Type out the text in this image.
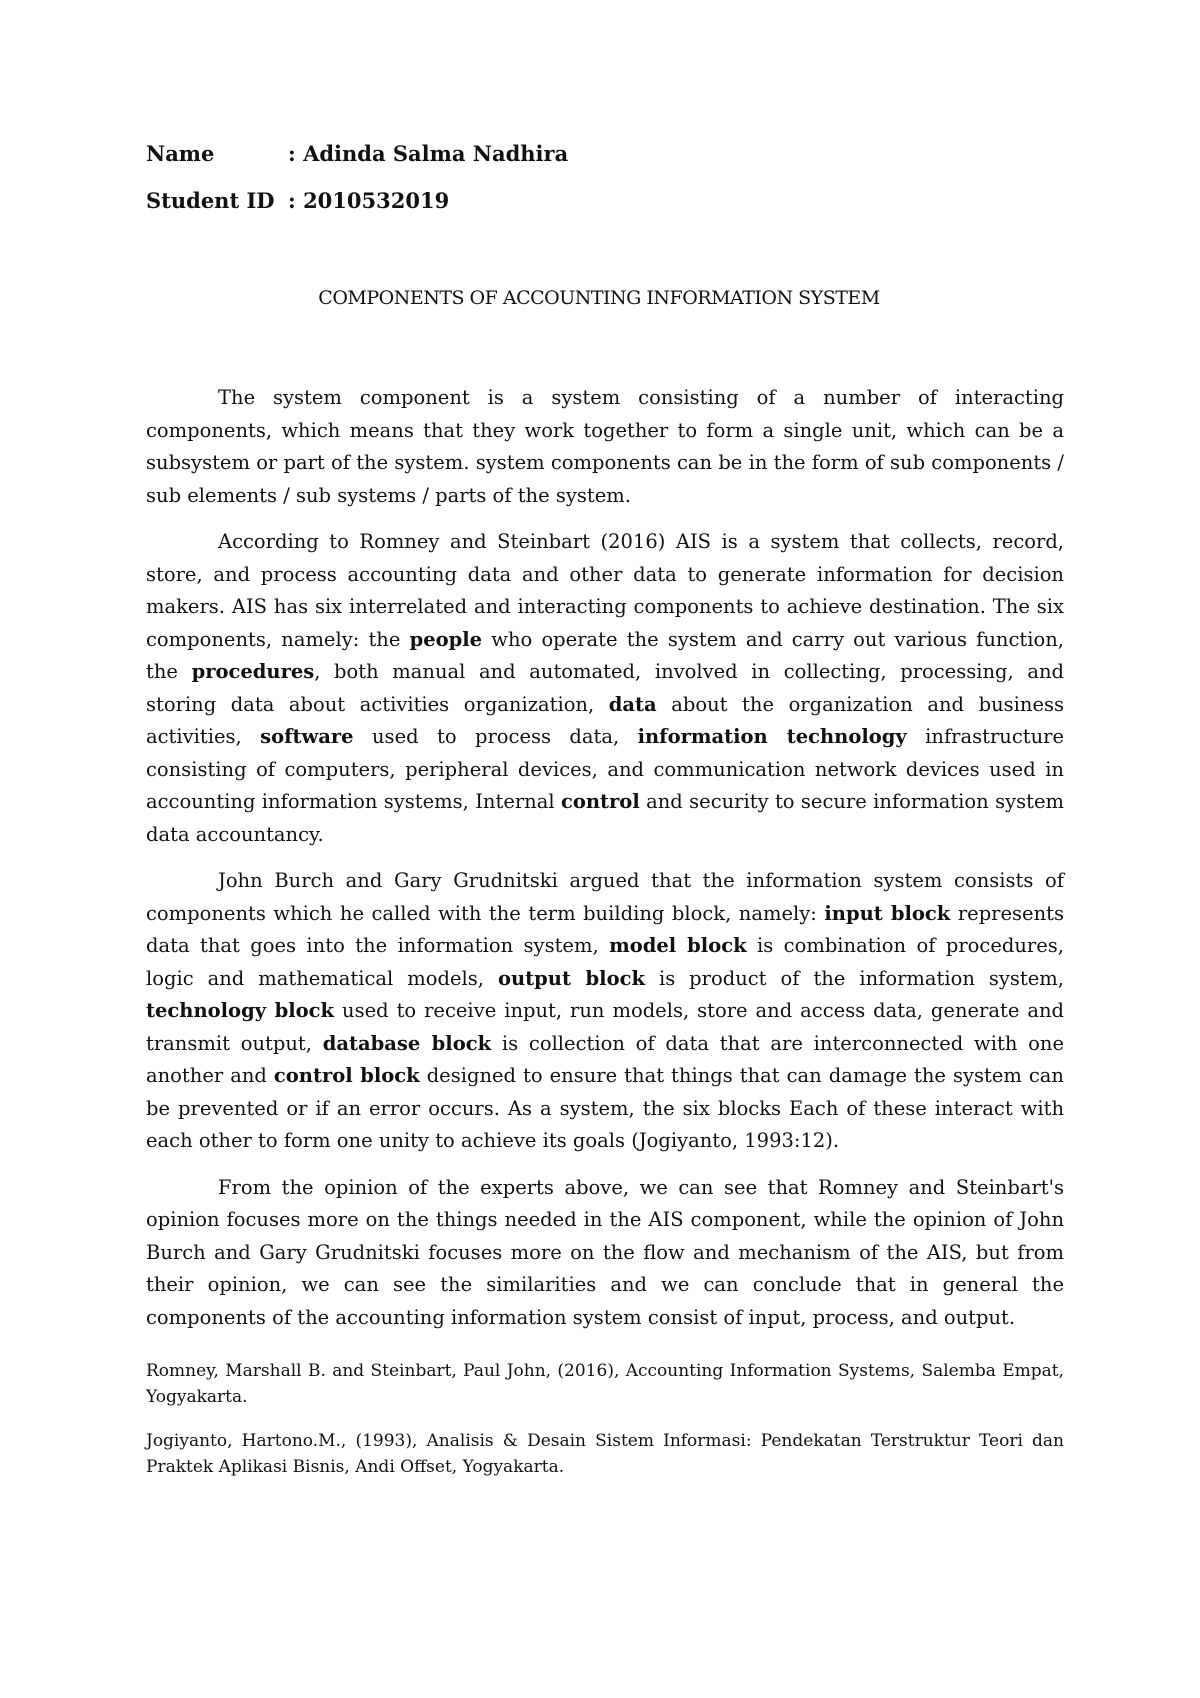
Name	: Adinda Salma Nadhira
Student ID : 2010532019
COMPONENTS OF ACCOUNTING INFORMATION SYSTEM

The system component is a system consisting of a number of interacting components, which means that they work together to form a single unit, which can be a subsystem or part of the system. system components can be in the form of sub components / sub elements / sub systems / parts of the system.

According to Romney and Steinbart (2016) AIS is a system that collects, record, store, and process accounting data and other data to generate information for decision makers. AIS has six interrelated and interacting components to achieve destination. The six components, namely: the people who operate the system and carry out various function, the procedures, both manual and automated, involved in collecting, processing, and storing data about activities organization, data about the organization and business activities, software used to process data, information technology infrastructure consisting of computers, peripheral devices, and communication network devices used in accounting information systems, Internal control and security to secure information system data accountancy.

John Burch and Gary Grudnitski argued that the information system consists of components which he called with the term building block, namely: input block represents data that goes into the information system, model block is combination of procedures, logic and mathematical models, output block is product of the information system, technology block used to receive input, run models, store and access data, generate and transmit output, database block is collection of data that are interconnected with one another and control block designed to ensure that things that can damage the system can be prevented or if an error occurs. As a system, the six blocks Each of these interact with each other to form one unity to achieve its goals (Jogiyanto, 1993:12).

From the opinion of the experts above, we can see that Romney and Steinbart's opinion focuses more on the things needed in the AIS component, while the opinion of John Burch and Gary Grudnitski focuses more on the flow and mechanism of the AIS, but from their opinion, we can see the similarities and we can conclude that in general the components of the accounting information system consist of input, process, and output.

Romney, Marshall B. and Steinbart, Paul John, (2016), Accounting Information Systems, Salemba Empat, Yogyakarta.

Jogiyanto, Hartono.M., (1993), Analisis & Desain Sistem Informasi: Pendekatan Terstruktur Teori dan Praktek Aplikasi Bisnis, Andi Offset, Yogyakarta.
